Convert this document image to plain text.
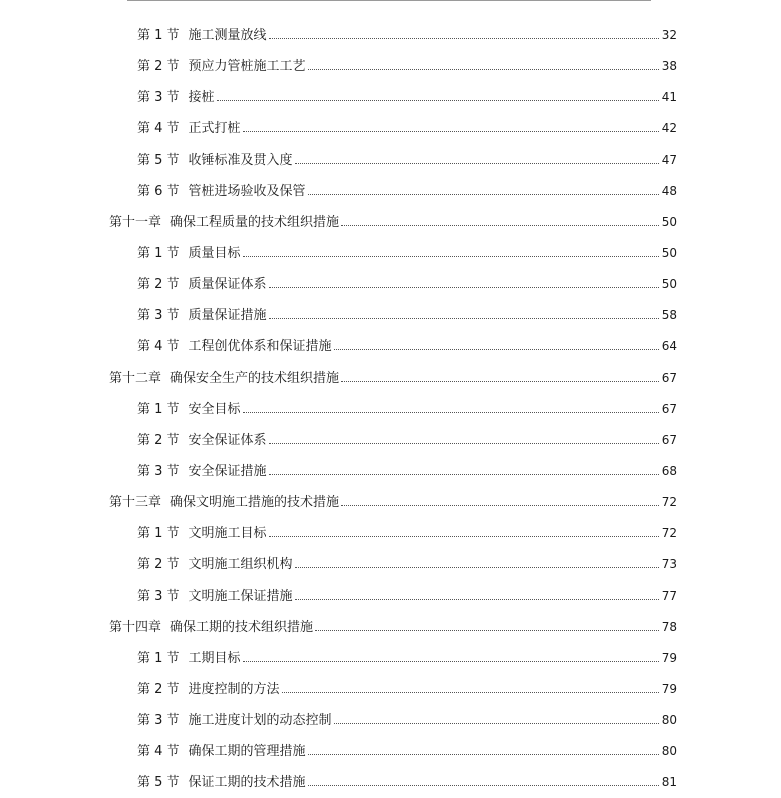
第 1 节 施工测量放线	32
第 2 节 预应力管桩施工工艺	38
第 3 节 接桩	41
第 4 节 正式打桩	42
第 5 节 收锤标准及贯入度	47
第 6 节 管桩进场验收及保管	48
第十一章 确保工程质量的技术组织措施	50
第 1 节 质量目标	50
第 2 节 质量保证体系	50
第 3 节 质量保证措施	58
第 4 节 工程创优体系和保证措施	64
第十二章 确保安全生产的技术组织措施	67
第 1 节 安全目标	67
第 2 节 安全保证体系	67
第 3 节 安全保证措施	68
第十三章 确保文明施工措施的技术措施	72
第 1 节 文明施工目标	72
第 2 节 文明施工组织机构	73
第 3 节 文明施工保证措施	77
第十四章 确保工期的技术组织措施	78
第 1 节 工期目标	79
第 2 节 进度控制的方法	79
第 3 节 施工进度计划的动态控制	80
第 4 节 确保工期的管理措施	80
第 5 节 保证工期的技术措施	81
